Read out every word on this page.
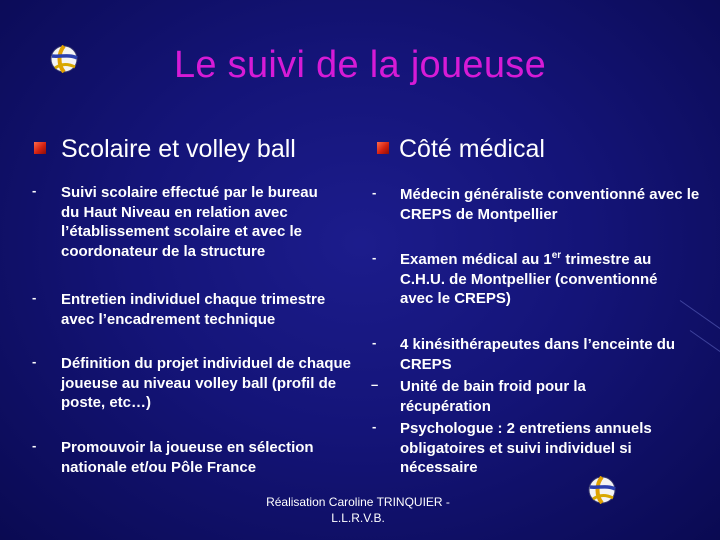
Le suivi de la joueuse
Scolaire et volley ball	Côté médical
- Suivi scolaire effectué par le bureau du Haut Niveau en relation avec l’établissement scolaire et avec le coordonateur de la structure
- Entretien individuel chaque trimestre avec l’encadrement technique
- Définition du projet individuel de chaque joueuse au niveau volley ball (profil de poste, etc…)
- Promouvoir la joueuse en sélection nationale et/ou Pôle France
- Médecin généraliste conventionné avec le CREPS de Montpellier
- Examen médical au 1er trimestre au C.H.U. de Montpellier (conventionné avec le CREPS)
- 4 kinésithérapeutes dans l’enceinte du CREPS
– Unité de bain froid pour la récupération
- Psychologue : 2 entretiens annuels obligatoires et suivi individuel si nécessaire
Réalisation Caroline TRINQUIER -
L.L.R.V.B.
